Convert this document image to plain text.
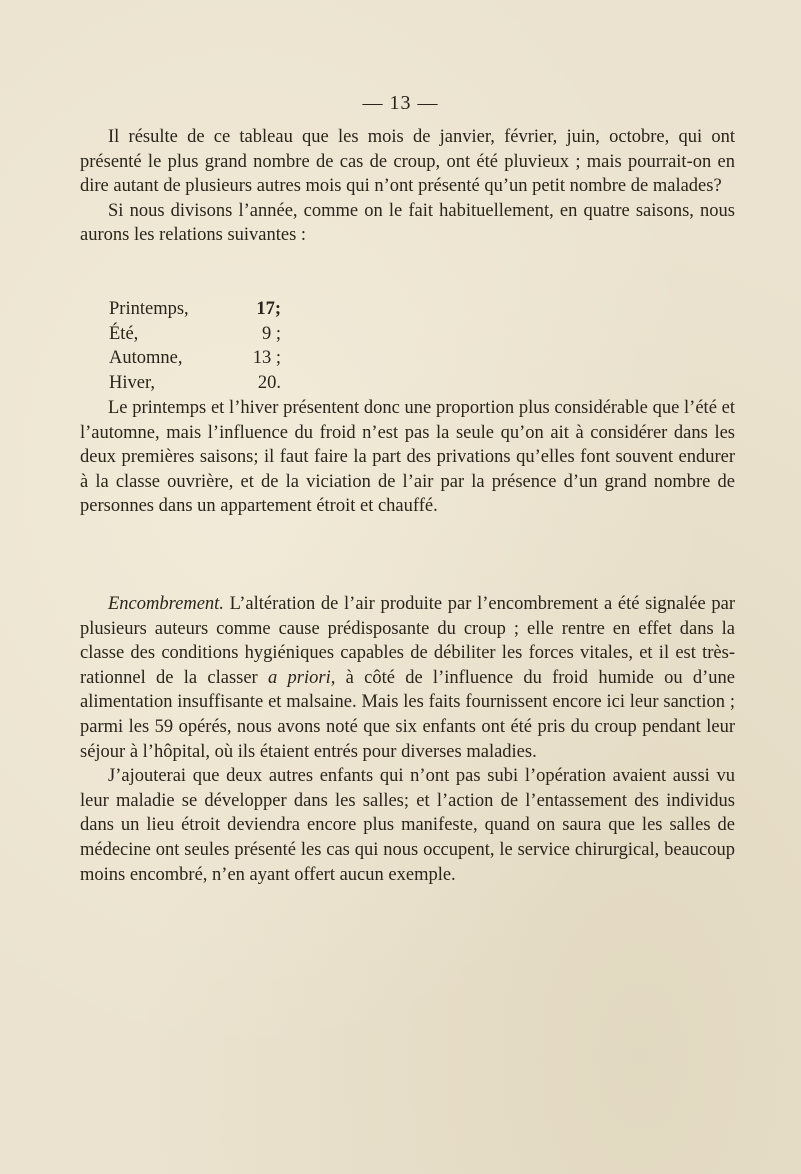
— 13 —

Il résulte de ce tableau que les mois de janvier, février, juin, octobre, qui ont présenté le plus grand nombre de cas de croup, ont été pluvieux ; mais pourrait-on en dire autant de plusieurs autres mois qui n’ont présenté qu’un petit nombre de malades?

Si nous divisons l’année, comme on le fait habituellement, en quatre saisons, nous aurons les relations suivantes :

Printemps,	17;
Été,	9 ;
Automne,	13 ;
Hiver,	20.

Le printemps et l’hiver présentent donc une proportion plus considérable que l’été et l’automne, mais l’influence du froid n’est pas la seule qu’on ait à considérer dans les deux premières saisons; il faut faire la part des privations qu’elles font souvent endurer à la classe ouvrière, et de la viciation de l’air par la présence d’un grand nombre de personnes dans un appartement étroit et chauffé.

Encombrement. L’altération de l’air produite par l’encombrement a été signalée par plusieurs auteurs comme cause prédisposante du croup ; elle rentre en effet dans la classe des conditions hygiéniques capables de débiliter les forces vitales, et il est très-rationnel de la classer a priori, à côté de l’influence du froid humide ou d’une alimentation insuffisante et malsaine. Mais les faits fournissent encore ici leur sanction ; parmi les 59 opérés, nous avons noté que six enfants ont été pris du croup pendant leur séjour à l’hôpital, où ils étaient entrés pour diverses maladies.

J’ajouterai que deux autres enfants qui n’ont pas subi l’opération avaient aussi vu leur maladie se développer dans les salles; et l’action de l’entassement des individus dans un lieu étroit deviendra encore plus manifeste, quand on saura que les salles de médecine ont seules présenté les cas qui nous occupent, le service chirurgical, beaucoup moins encombré, n’en ayant offert aucun exemple.
